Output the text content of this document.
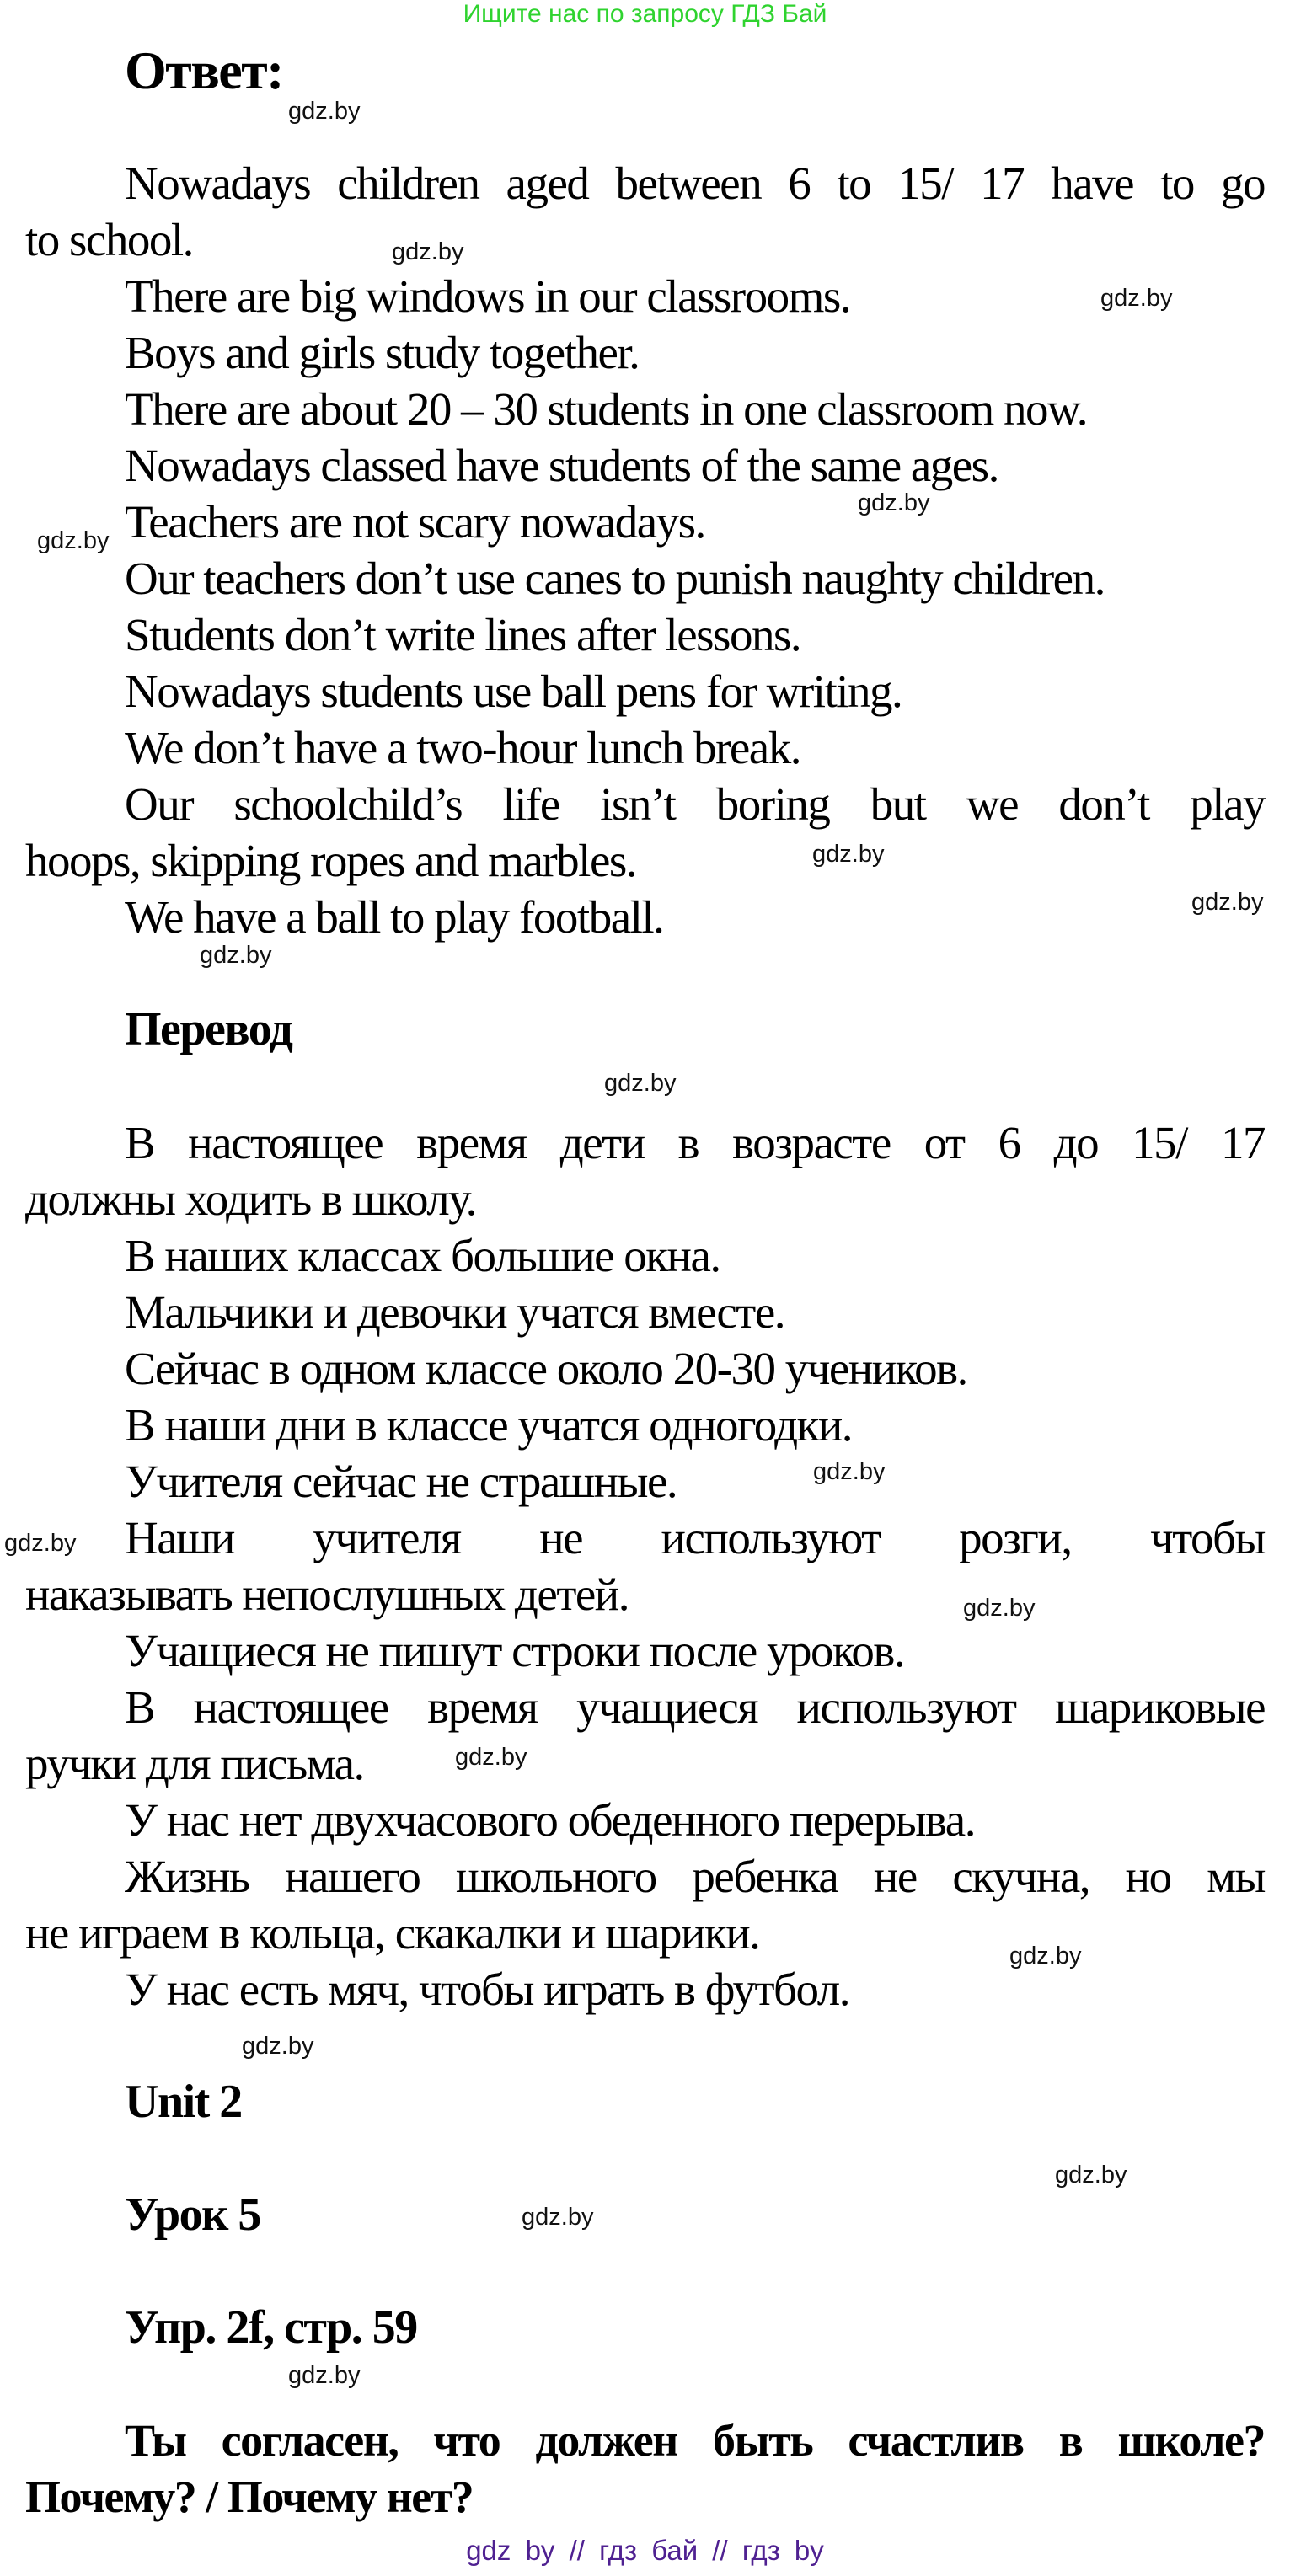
Ищите нас по запросу ГДЗ Бай
Ответ:
Nowadays children aged between 6 to 15/ 17 have to go
to school.
There are big windows in our classrooms.
Boys and girls study together.
There are about 20 – 30 students in one classroom now.
Nowadays classed have students of the same ages.
Teachers are not scary nowadays.
Our teachers don’t use canes to punish naughty children.
Students don’t write lines after lessons.
Nowadays students use ball pens for writing.
We don’t have a two-hour lunch break.
Our schoolchild’s life isn’t boring but we don’t play
hoops, skipping ropes and marbles.
We have a ball to play football.
Перевод
В настоящее время дети в возрасте от 6 до 15/ 17
должны ходить в школу.
В наших классах большие окна.
Мальчики и девочки учатся вместе.
Сейчас в одном классе около 20-30 учеников.
В наши дни в классе учатся одногодки.
Учителя сейчас не страшные.
Наши учителя не используют розги, чтобы
наказывать непослушных детей.
Учащиеся не пишут строки после уроков.
В настоящее время учащиеся используют шариковые
ручки для письма.
У нас нет двухчасового обеденного перерыва.
Жизнь нашего школьного ребенка не скучна, но мы
не играем в кольца, скакалки и шарики.
У нас есть мяч, чтобы играть в футбол.
Unit 2
Урок 5
Упр. 2f, стр. 59
Ты согласен, что должен быть счастлив в школе?
Почему? / Почему нет?
gdz.by
gdz.by
gdz.by
gdz.by
gdz.by
gdz.by
gdz.by
gdz.by
gdz.by
gdz.by
gdz.by
gdz.by
gdz.by
gdz.by
gdz.by
gdz.by
gdz.by
gdz.by
gdz by // гдз бай // гдз by
